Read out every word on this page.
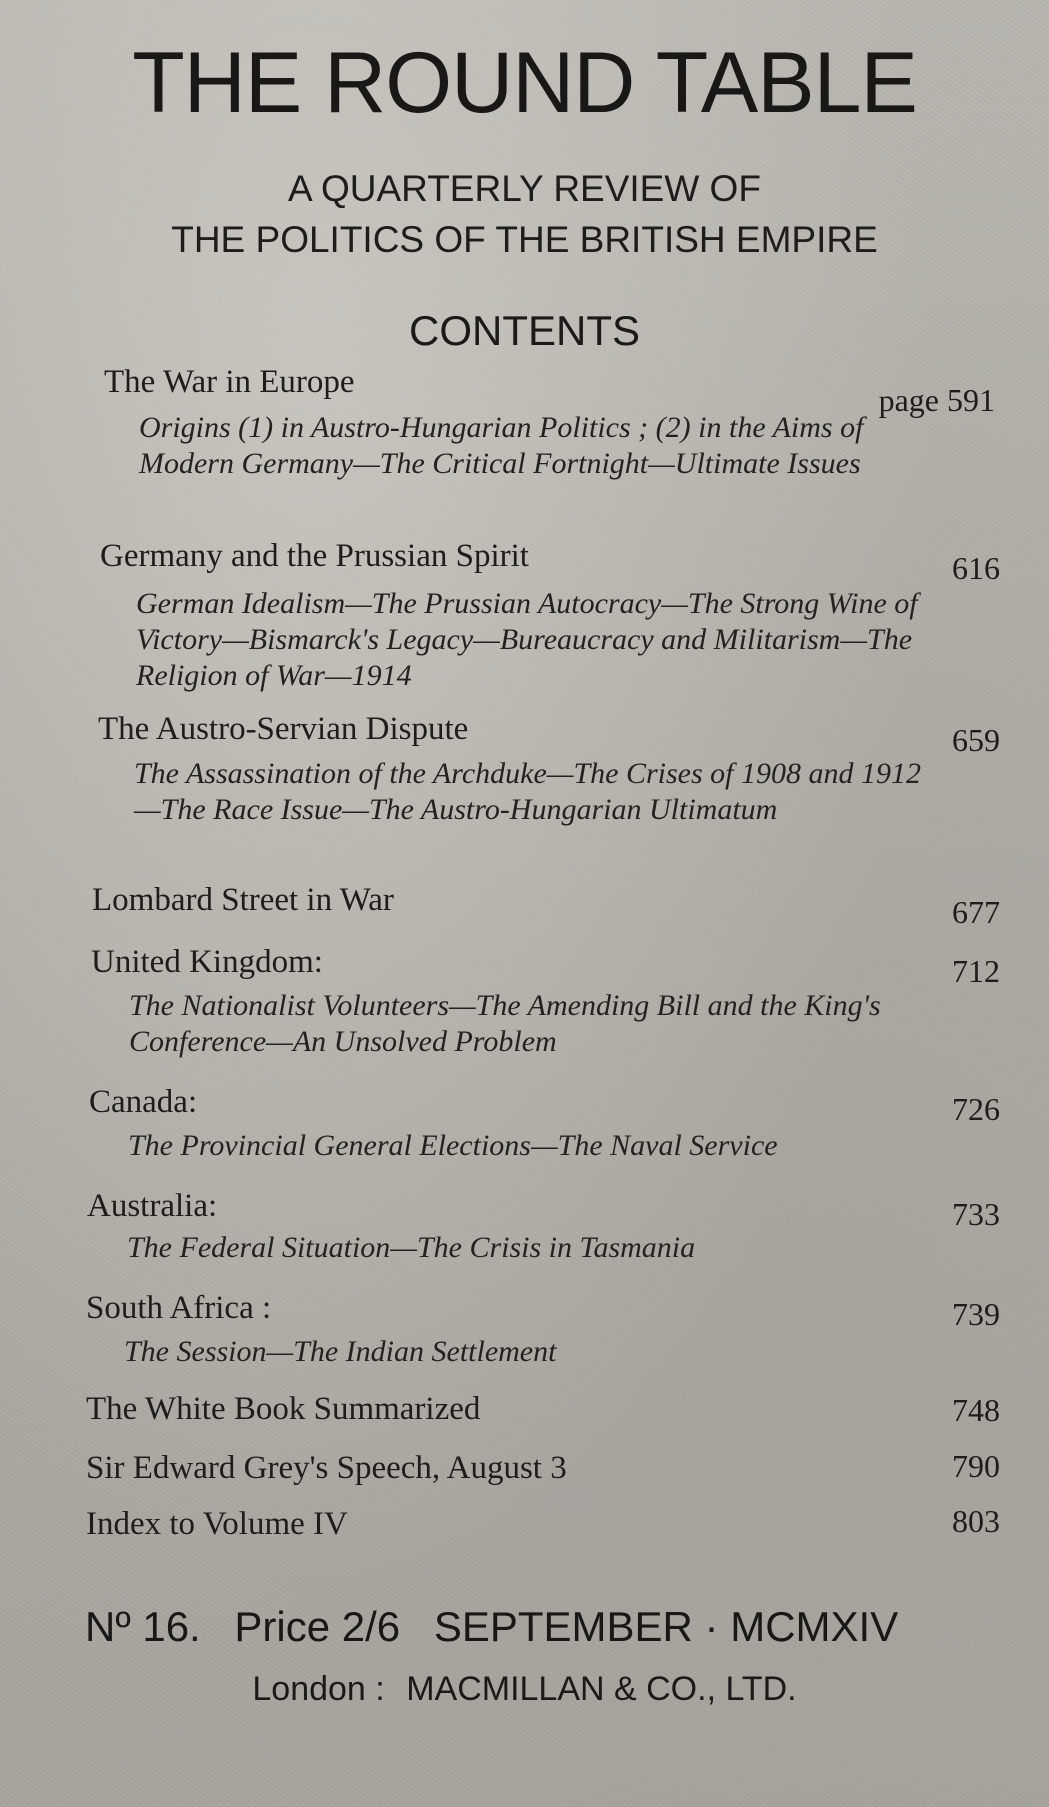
THE ROUND TABLE
A QUARTERLY REVIEW OF
THE POLITICS OF THE BRITISH EMPIRE
CONTENTS
The War in Europe	page 591
Origins (1) in Austro-Hungarian Politics ; (2) in the Aims of Modern Germany—The Critical Fortnight—Ultimate Issues
Germany and the Prussian Spirit	616
German Idealism—The Prussian Autocracy—The Strong Wine of Victory—Bismarck's Legacy—Bureaucracy and Militarism—The Religion of War—1914
The Austro-Servian Dispute	659
The Assassination of the Archduke—The Crises of 1908 and 1912—The Race Issue—The Austro-Hungarian Ultimatum
Lombard Street in War	677
United Kingdom:	712
The Nationalist Volunteers—The Amending Bill and the King's Conference—An Unsolved Problem
Canada:	726
The Provincial General Elections—The Naval Service
Australia:	733
The Federal Situation—The Crisis in Tasmania
South Africa :	739
The Session—The Indian Settlement
The White Book Summarized	748
Sir Edward Grey's Speech, August 3	790
Index to Volume IV	803
Nº 16. Price 2/6 SEPTEMBER · MCMXIV
London : MACMILLAN & CO., LTD.
